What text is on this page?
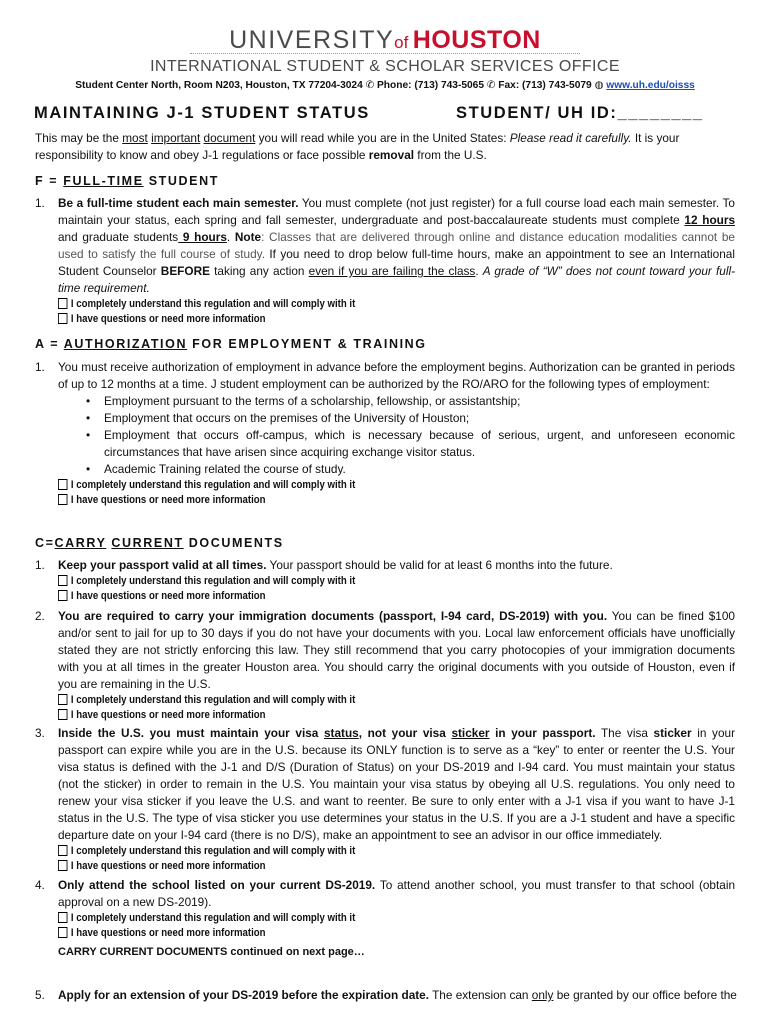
UNIVERSITYof HOUSTON
INTERNATIONAL STUDENT & SCHOLAR SERVICES OFFICE
Student Center North, Room N203, Houston, TX 77204-3024 ✆ Phone: (713) 743-5065 ✆ Fax: (713) 743-5079 ◍ www.uh.edu/oisss
MAINTAINING J-1 STUDENT STATUS	STUDENT/ UH ID:________
This may be the most important document you will read while you are in the United States: Please read it carefully. It is your responsibility to know and obey J-1 regulations or face possible removal from the U.S.
F = FULL-TIME STUDENT
1.	Be a full-time student each main semester. You must complete (not just register) for a full course load each main semester. To maintain your status, each spring and fall semester, undergraduate and post-baccalaureate students must complete 12 hours and graduate students 9 hours. Note: Classes that are delivered through online and distance education modalities cannot be used to satisfy the full course of study. If you need to drop below full-time hours, make an appointment to see an International Student Counselor BEFORE taking any action even if you are failing the class. A grade of “W” does not count toward your full-time requirement.
I completely understand this regulation and will comply with it
I have questions or need more information
A = AUTHORIZATION FOR EMPLOYMENT & TRAINING
1.	You must receive authorization of employment in advance before the employment begins. Authorization can be granted in periods of up to 12 months at a time. J student employment can be authorized by the RO/ARO for the following types of employment:
• Employment pursuant to the terms of a scholarship, fellowship, or assistantship;
• Employment that occurs on the premises of the University of Houston;
• Employment that occurs off-campus, which is necessary because of serious, urgent, and unforeseen economic circumstances that have arisen since acquiring exchange visitor status.
• Academic Training related the course of study.
I completely understand this regulation and will comply with it
I have questions or need more information
C=CARRY CURRENT DOCUMENTS
1.	Keep your passport valid at all times. Your passport should be valid for at least 6 months into the future.
I completely understand this regulation and will comply with it
I have questions or need more information
2.	You are required to carry your immigration documents (passport, I-94 card, DS-2019) with you. You can be fined $100 and/or sent to jail for up to 30 days if you do not have your documents with you. Local law enforcement officials have unofficially stated they are not strictly enforcing this law. They still recommend that you carry photocopies of your immigration documents with you at all times in the greater Houston area. You should carry the original documents with you outside of Houston, even if you are remaining in the U.S.
I completely understand this regulation and will comply with it
I have questions or need more information
3.	Inside the U.S. you must maintain your visa status, not your visa sticker in your passport. The visa sticker in your passport can expire while you are in the U.S. because its ONLY function is to serve as a “key” to enter or reenter the U.S. Your visa status is defined with the J-1 and D/S (Duration of Status) on your DS-2019 and I-94 card. You must maintain your status (not the sticker) in order to remain in the U.S. You maintain your visa status by obeying all U.S. regulations. You only need to renew your visa sticker if you leave the U.S. and want to reenter. Be sure to only enter with a J-1 visa if you want to have J-1 status in the U.S. The type of visa sticker you use determines your status in the U.S. If you are a J-1 student and have a specific departure date on your I-94 card (there is no D/S), make an appointment to see an advisor in our office immediately.
I completely understand this regulation and will comply with it
I have questions or need more information
4.	Only attend the school listed on your current DS-2019. To attend another school, you must transfer to that school (obtain approval on a new DS-2019).
I completely understand this regulation and will comply with it
I have questions or need more information
CARRY CURRENT DOCUMENTS continued on next page…
5.	Apply for an extension of your DS-2019 before the expiration date. The extension can only be granted by our office before the
